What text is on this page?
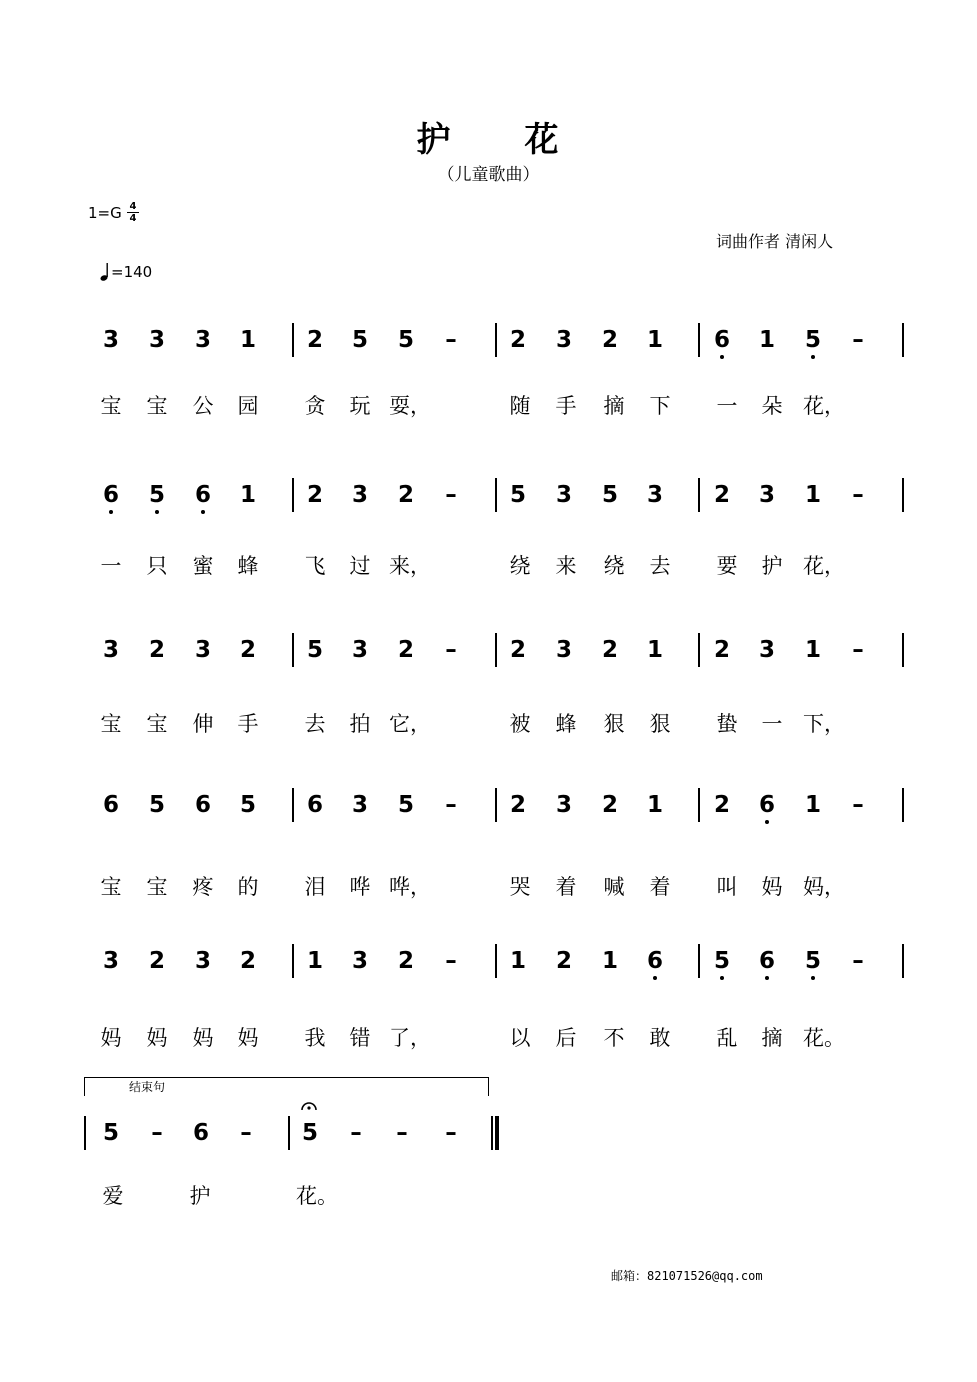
护　　花
（儿童歌曲）
1=G 4
4
词曲作者 清闲人
=140
3	3	3	1	2	5	5	–	2	3	2	1	6	1	5	–
宝	宝	公	园	贪	玩 耍，	随	手	摘	下	一	朵 花，
6	5	6	1	2	3	2	–	5	3	5	3	2	3	1	–
一	只	蜜	蜂	飞	过 来，	绕	来	绕	去	要	护 花，
3	2	3	2	5	3	2	–	2	3	2	1	2	3	1	–
宝	宝	伸	手	去	拍 它，	被	蜂	狠	狠	蛰	一 下，
6	5	6	5	6	3	5	–	2	3	2	1	2	6	1	–
宝	宝	疼	的	泪	哗 哗，	哭	着	喊	着	叫	妈 妈，
3	2	3	2	1	3	2	–	1	2	1	6	5	6	5	–
妈	妈	妈	妈	我	错 了，	以	后	不	敢	乱	摘 花。
5	–	6	–	5	–	–	–
爱	护	花。
结束句
邮箱：821071526@qq.com
